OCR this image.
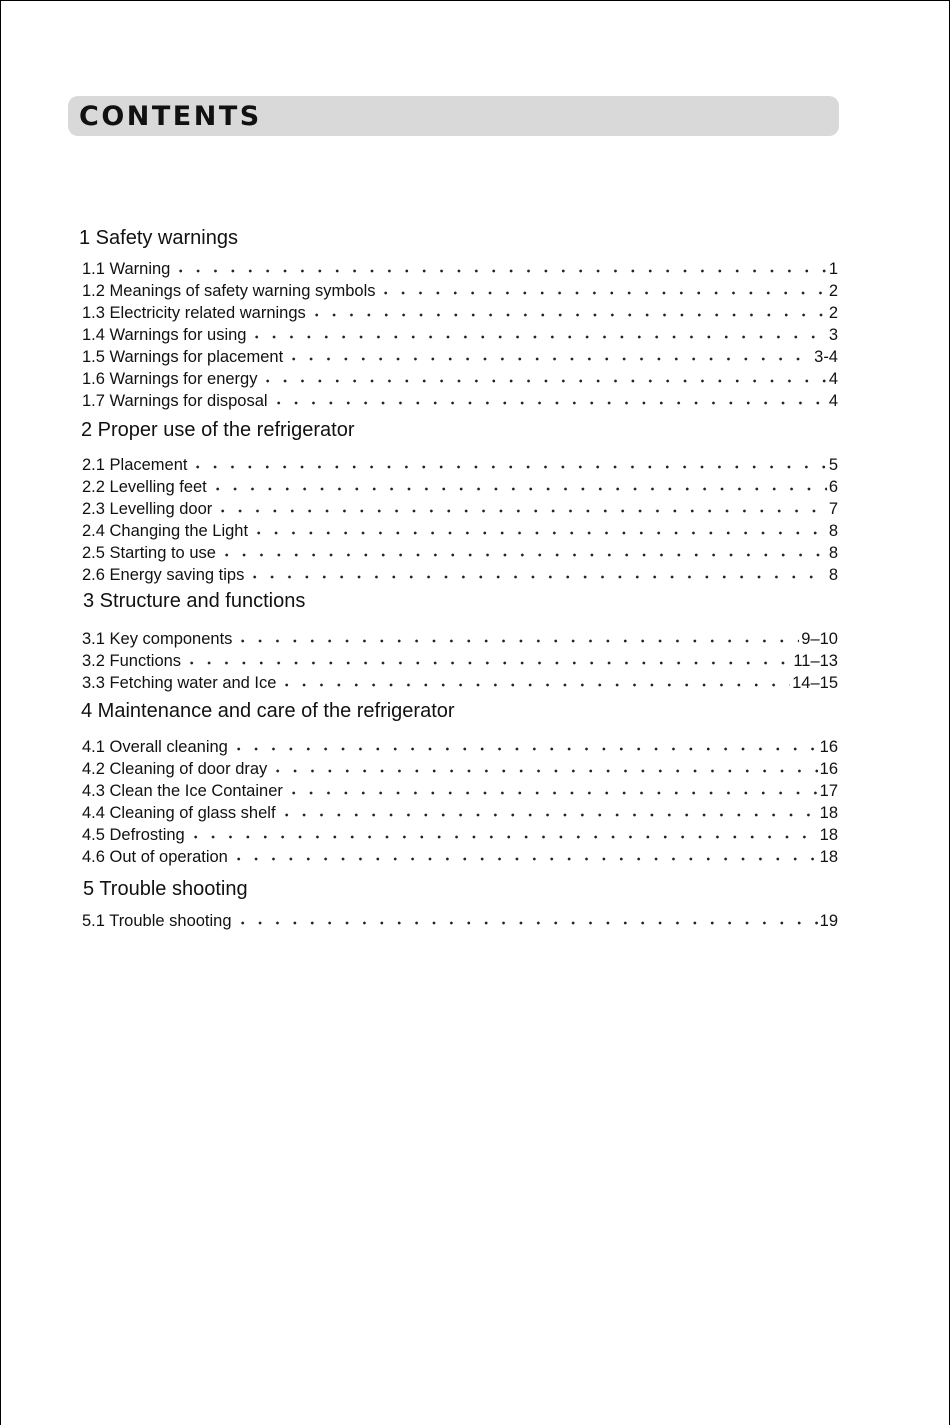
CONTENTS
1 Safety warnings
1.1 Warning	1
1.2 Meanings of safety warning symbols	2
1.3 Electricity related warnings	2
1.4 Warnings for using	3
1.5 Warnings for placement	3-4
1.6 Warnings for energy	4
1.7 Warnings for disposal	4
2 Proper use of the refrigerator
2.1 Placement	5
2.2 Levelling feet	6
2.3 Levelling door	7
2.4 Changing the Light	8
2.5 Starting to use	8
2.6 Energy saving tips	8
3 Structure and functions
3.1 Key components	9–10
3.2 Functions	11–13
3.3 Fetching water and Ice	14–15
4 Maintenance and care of the refrigerator
4.1 Overall cleaning	16
4.2 Cleaning of door dray	16
4.3 Clean the Ice Container	17
4.4 Cleaning of glass shelf	18
4.5 Defrosting	18
4.6 Out of operation	18
5 Trouble shooting
5.1 Trouble shooting	19
